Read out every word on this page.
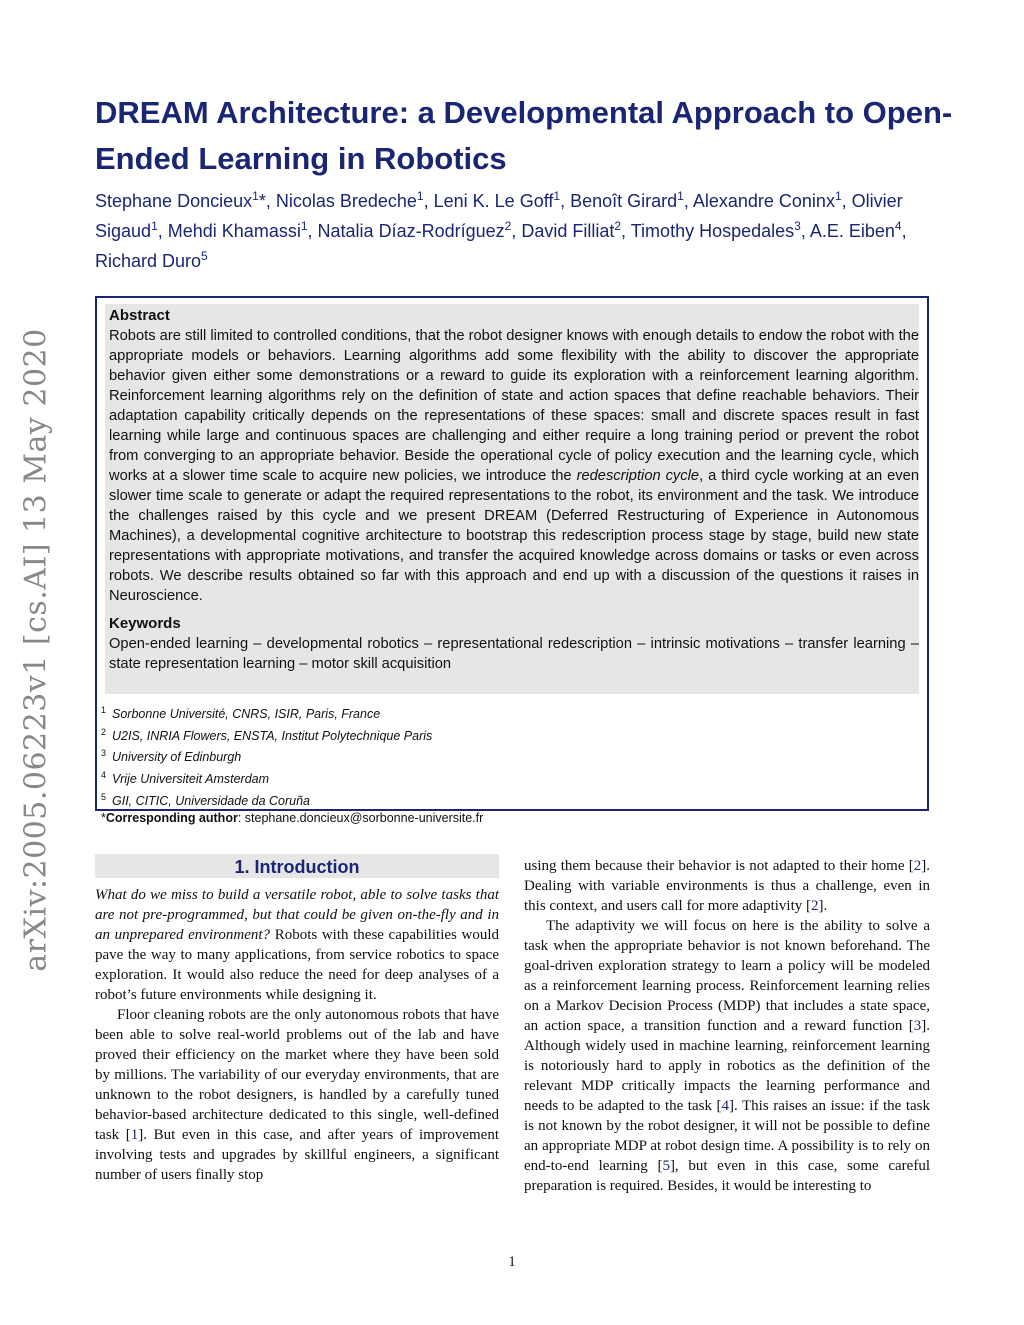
arXiv:2005.06223v1 [cs.AI] 13 May 2020
DREAM Architecture: a Developmental Approach to Open-Ended Learning in Robotics
Stephane Doncieux$^1$*, Nicolas Bredeche$^1$, Leni K. Le Goff$^1$, Benoît Girard$^1$, Alexandre Coninx$^1$, Olivier Sigaud$^1$, Mehdi Khamassi$^1$, Natalia Díaz-Rodríguez$^2$, David Filliat$^2$, Timothy Hospedales$^3$, A.E. Eiben$^4$, Richard Duro$^5$
Abstract

Robots are still limited to controlled conditions, that the robot designer knows with enough details to endow the robot with the appropriate models or behaviors. Learning algorithms add some flexibility with the ability to discover the appropriate behavior given either some demonstrations or a reward to guide its exploration with a reinforcement learning algorithm. Reinforcement learning algorithms rely on the definition of state and action spaces that define reachable behaviors. Their adaptation capability critically depends on the representations of these spaces: small and discrete spaces result in fast learning while large and continuous spaces are challenging and either require a long training period or prevent the robot from converging to an appropriate behavior. Beside the operational cycle of policy execution and the learning cycle, which works at a slower time scale to acquire new policies, we introduce the redescription cycle, a third cycle working at an even slower time scale to generate or adapt the required representations to the robot, its environment and the task. We introduce the challenges raised by this cycle and we present DREAM (Deferred Restructuring of Experience in Autonomous Machines), a developmental cognitive architecture to bootstrap this redescription process stage by stage, build new state representations with appropriate motivations, and transfer the acquired knowledge across domains or tasks or even across robots. We describe results obtained so far with this approach and end up with a discussion of the questions it raises in Neuroscience.

Keywords

Open-ended learning – developmental robotics – representational redescription – intrinsic motivations – transfer learning – state representation learning – motor skill acquisition

$^1$ Sorbonne Université, CNRS, ISIR, Paris, France
$^2$ U2IS, INRIA Flowers, ENSTA, Institut Polytechnique Paris
$^3$ University of Edinburgh
$^4$ Vrije Universiteit Amsterdam
$^5$ GII, CITIC, Universidade da Coruña
*Corresponding author: stephane.doncieux@sorbonne-universite.fr
1. Introduction

What do we miss to build a versatile robot, able to solve tasks that are not pre-programmed, but that could be given on-the-fly and in an unprepared environment? Robots with these capabilities would pave the way to many applications, from service robotics to space exploration. It would also reduce the need for deep analyses of a robot’s future environments while designing it.

Floor cleaning robots are the only autonomous robots that have been able to solve real-world problems out of the lab and have proved their efficiency on the market where they have been sold by millions. The variability of our everyday environments, that are unknown to the robot designers, is handled by a carefully tuned behavior-based architecture dedicated to this single, well-defined task [1]. But even in this case, and after years of improvement involving tests and upgrades by skillful engineers, a significant number of users finally stop

using them because their behavior is not adapted to their home [2]. Dealing with variable environments is thus a challenge, even in this context, and users call for more adaptivity [2].

The adaptivity we will focus on here is the ability to solve a task when the appropriate behavior is not known beforehand. The goal-driven exploration strategy to learn a policy will be modeled as a reinforcement learning process. Reinforcement learning relies on a Markov Decision Process (MDP) that includes a state space, an action space, a transition function and a reward function [3]. Although widely used in machine learning, reinforcement learning is notoriously hard to apply in robotics as the definition of the relevant MDP critically impacts the learning performance and needs to be adapted to the task [4]. This raises an issue: if the task is not known by the robot designer, it will not be possible to define an appropriate MDP at robot design time. A possibility is to rely on end-to-end learning [5], but even in this case, some careful preparation is required. Besides, it would be interesting to

1
